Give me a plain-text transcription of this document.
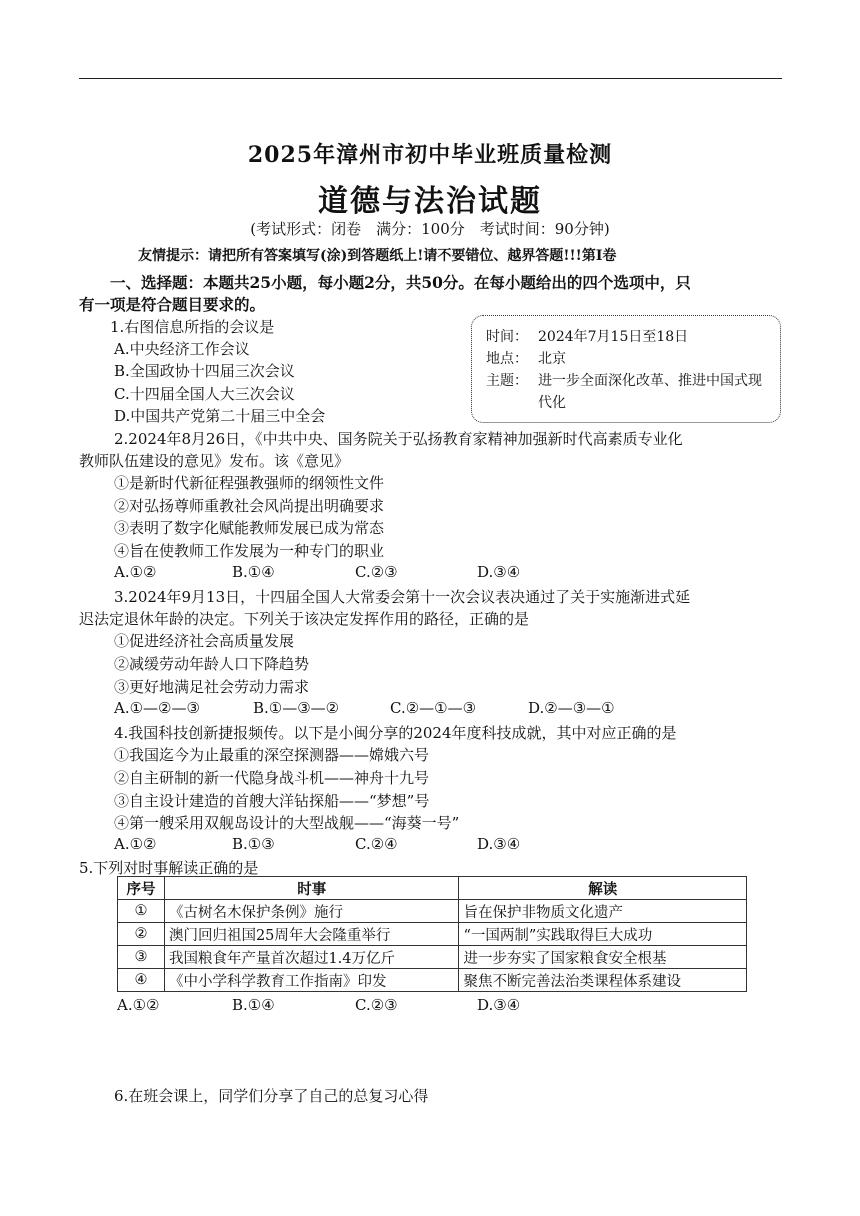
2025年漳州市初中毕业班质量检测
道德与法治试题
(考试形式：闭卷　满分：100分　考试时间：90分钟)
友情提示：请把所有答案填写(涂)到答题纸上!请不要错位、越界答题!!!第Ⅰ卷
一、选择题：本题共25小题，每小题2分，共50分。在每小题给出的四个选项中，只
有一项是符合题目要求的。
1.右图信息所指的会议是
A.中央经济工作会议
B.全国政协十四届三次会议
C.十四届全国人大三次会议
D.中国共产党第二十届三中全会
时间： 2024年7月15日至18日
地点： 北京
主题： 进一步全面深化改革、推进中国式现代化
2.2024年8月26日，《中共中央、国务院关于弘扬教育家精神加强新时代高素质专业化
教师队伍建设的意见》发布。该《意见》
①是新时代新征程强教强师的纲领性文件
②对弘扬尊师重教社会风尚提出明确要求
③表明了数字化赋能教师发展已成为常态
④旨在使教师工作发展为一种专门的职业
A.①②	B.①④	C.②③	D.③④
3.2024年9月13日，十四届全国人大常委会第十一次会议表决通过了关于实施渐进式延
迟法定退休年龄的决定。下列关于该决定发挥作用的路径，正确的是
①促进经济社会高质量发展
②减缓劳动年龄人口下降趋势
③更好地满足社会劳动力需求
A.①—②—③	B.①—③—②	C.②—①—③	D.②—③—①
4.我国科技创新捷报频传。以下是小闽分享的2024年度科技成就，其中对应正确的是
①我国迄今为止最重的深空探测器——嫦娥六号
②自主研制的新一代隐身战斗机——神舟十九号
③自主设计建造的首艘大洋钻探船——“梦想”号
④第一艘采用双舰岛设计的大型战舰——“海葵一号”
A.①②	B.①③	C.②④	D.③④
5.下列对时事解读正确的是
序号	时事	解读
①	《古树名木保护条例》施行	旨在保护非物质文化遗产
②	澳门回归祖国25周年大会隆重举行	“一国两制”实践取得巨大成功
③	我国粮食年产量首次超过1.4万亿斤	进一步夯实了国家粮食安全根基
④	《中小学科学教育工作指南》印发	聚焦不断完善法治类课程体系建设
A.①②	B.①④	C.②③	D.③④
6.在班会课上，同学们分享了自己的总复习心得
